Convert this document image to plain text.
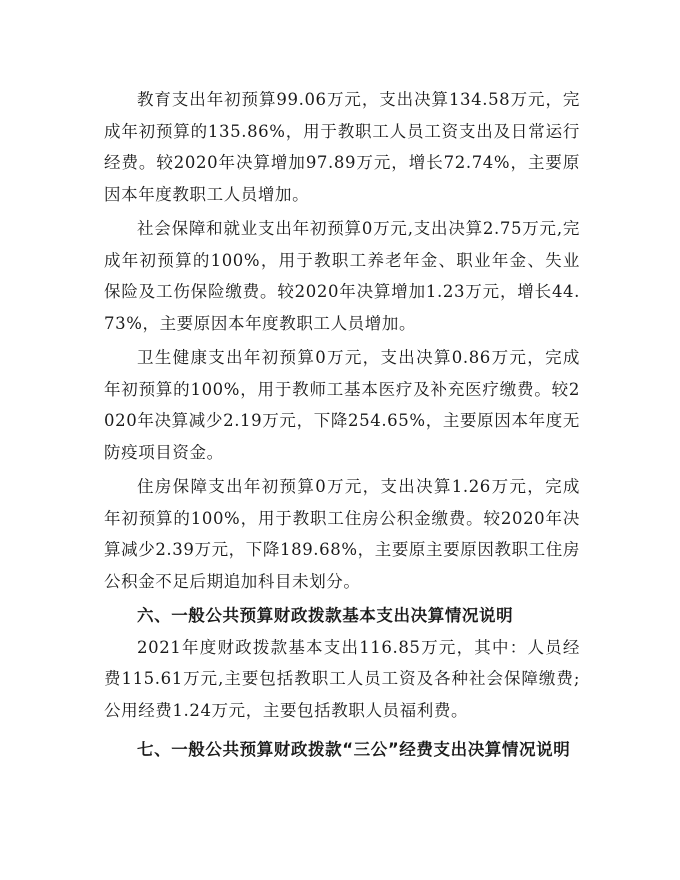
教育支出年初预算99.06万元，支出决算134.58万元，完成年初预算的135.86%，用于教职工人员工资支出及日常运行经费。较2020年决算增加97.89万元，增长72.74%，主要原因本年度教职工人员增加。

社会保障和就业支出年初预算0万元,支出决算2.75万元,完成年初预算的100%，用于教职工养老年金、职业年金、失业保险及工伤保险缴费。较2020年决算增加1.23万元，增长44.73%，主要原因本年度教职工人员增加。

卫生健康支出年初预算0万元，支出决算0.86万元，完成年初预算的100%，用于教师工基本医疗及补充医疗缴费。较2020年决算减少2.19万元，下降254.65%，主要原因本年度无防疫项目资金。

住房保障支出年初预算0万元，支出决算1.26万元，完成年初预算的100%，用于教职工住房公积金缴费。较2020年决算减少2.39万元，下降189.68%，主要原主要原因教职工住房公积金不足后期追加科目未划分。

六、一般公共预算财政拨款基本支出决算情况说明

2021年度财政拨款基本支出116.85万元，其中：人员经费115.61万元,主要包括教职工人员工资及各种社会保障缴费;公用经费1.24万元，主要包括教职人员福利费。

七、一般公共预算财政拨款“三公”经费支出决算情况说明
